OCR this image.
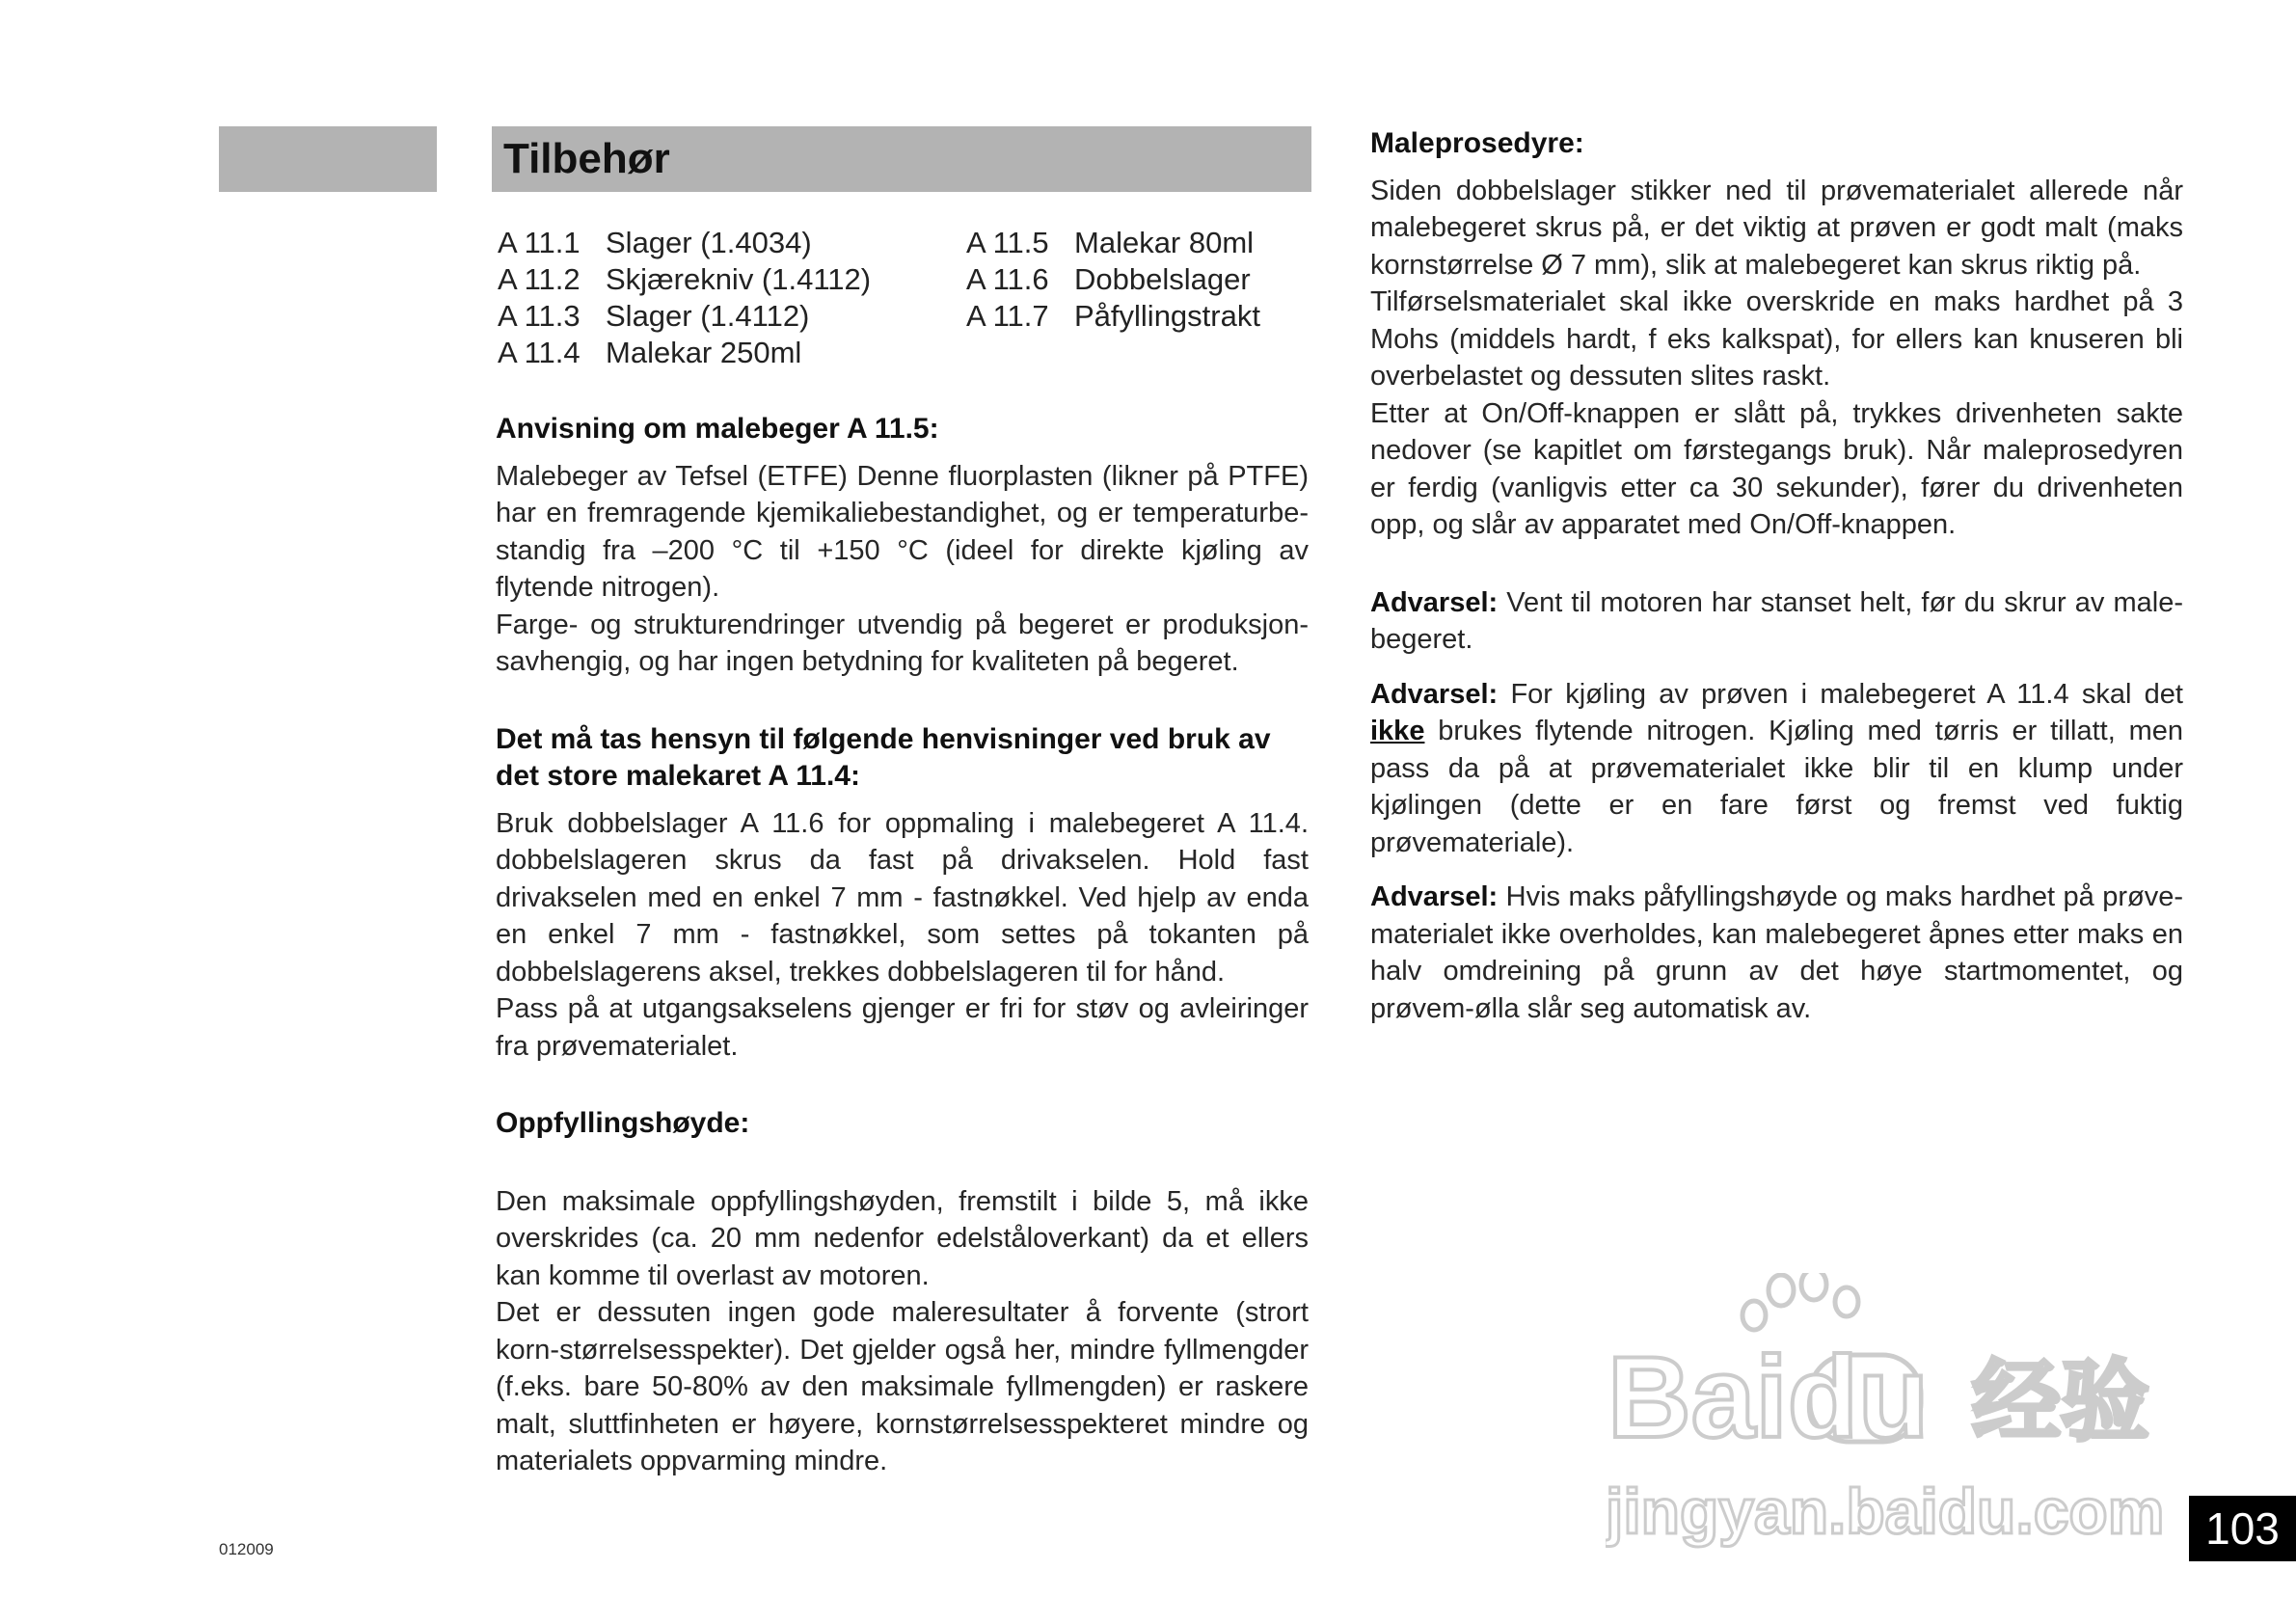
Tilbehør
A 11.1 Slager (1.4034)
A 11.2 Skjærekniv (1.4112)
A 11.3 Slager (1.4112)
A 11.4 Malekar 250ml
A 11.5 Malekar 80ml
A 11.6 Dobbelslager
A 11.7 Påfyllingstrakt
Anvisning om malebeger A 11.5:

Malebeger av Tefsel (ETFE) Denne fluorplasten (likner på PTFE) har en fremragende kjemikaliebestandighet, og er temperaturbe-standig fra –200 °C til +150 °C (ideel for direkte kjøling av flytende nitrogen).

Farge- og strukturendringer utvendig på begeret er produksjon-savhengig, og har ingen betydning for kvaliteten på begeret.

Det må tas hensyn til følgende henvisninger ved bruk av det store malekaret A 11.4:

Bruk dobbelslager A 11.6 for oppmaling i malebegeret A 11.4. dobbelslageren skrus da fast på drivakselen. Hold fast drivakselen med en enkel 7 mm - fastnøkkel. Ved hjelp av enda en enkel 7 mm - fastnøkkel, som settes på tokanten på dobbelslagerens aksel, trekkes dobbelslageren til for hånd.

Pass på at utgangsakselens gjenger er fri for støv og avleiringer fra prøvematerialet.

Oppfyllingshøyde:

Den maksimale oppfyllingshøyden, fremstilt i bilde 5, må ikke overskrides (ca. 20 mm nedenfor edelståloverkant) da et ellers kan komme til overlast av motoren.

Det er dessuten ingen gode maleresultater å forvente (strort korn-størrelsesspekter). Det gjelder også her, mindre fyllmengder (f.eks. bare 50-80% av den maksimale fyllmengden) er raskere malt, sluttfinheten er høyere, kornstørrelsesspekteret mindre og materialets oppvarming mindre.

Maleprosedyre:

Siden dobbelslager stikker ned til prøvematerialet allerede når malebegeret skrus på, er det viktig at prøven er godt malt (maks kornstørrelse Ø 7 mm), slik at malebegeret kan skrus riktig på.

Tilførselsmaterialet skal ikke overskride en maks hardhet på 3 Mohs (middels hardt, f eks kalkspat), for ellers kan knuseren bli overbelastet og dessuten slites raskt.

Etter at On/Off-knappen er slått på, trykkes drivenheten sakte nedover (se kapitlet om førstegangs bruk). Når maleprosedyren er ferdig (vanligvis etter ca 30 sekunder), fører du drivenheten opp, og slår av apparatet med On/Off-knappen.

Advarsel: Vent til motoren har stanset helt, før du skrur av male-begeret.

Advarsel: For kjøling av prøven i malebegeret A 11.4 skal det ikke brukes flytende nitrogen. Kjøling med tørris er tillatt, men pass da på at prøvematerialet ikke blir til en klump under kjølingen (dette er en fare først og fremst ved fuktig prøvemateriale).

Advarsel: Hvis maks påfyllingshøyde og maks hardhet på prøve-materialet ikke overholdes, kan malebegeret åpnes etter maks en halv omdreining på grunn av det høye startmomentet, og prøvem-ølla slår seg automatisk av.

Baidu 经验
jingyan.baidu.com
012009	103
